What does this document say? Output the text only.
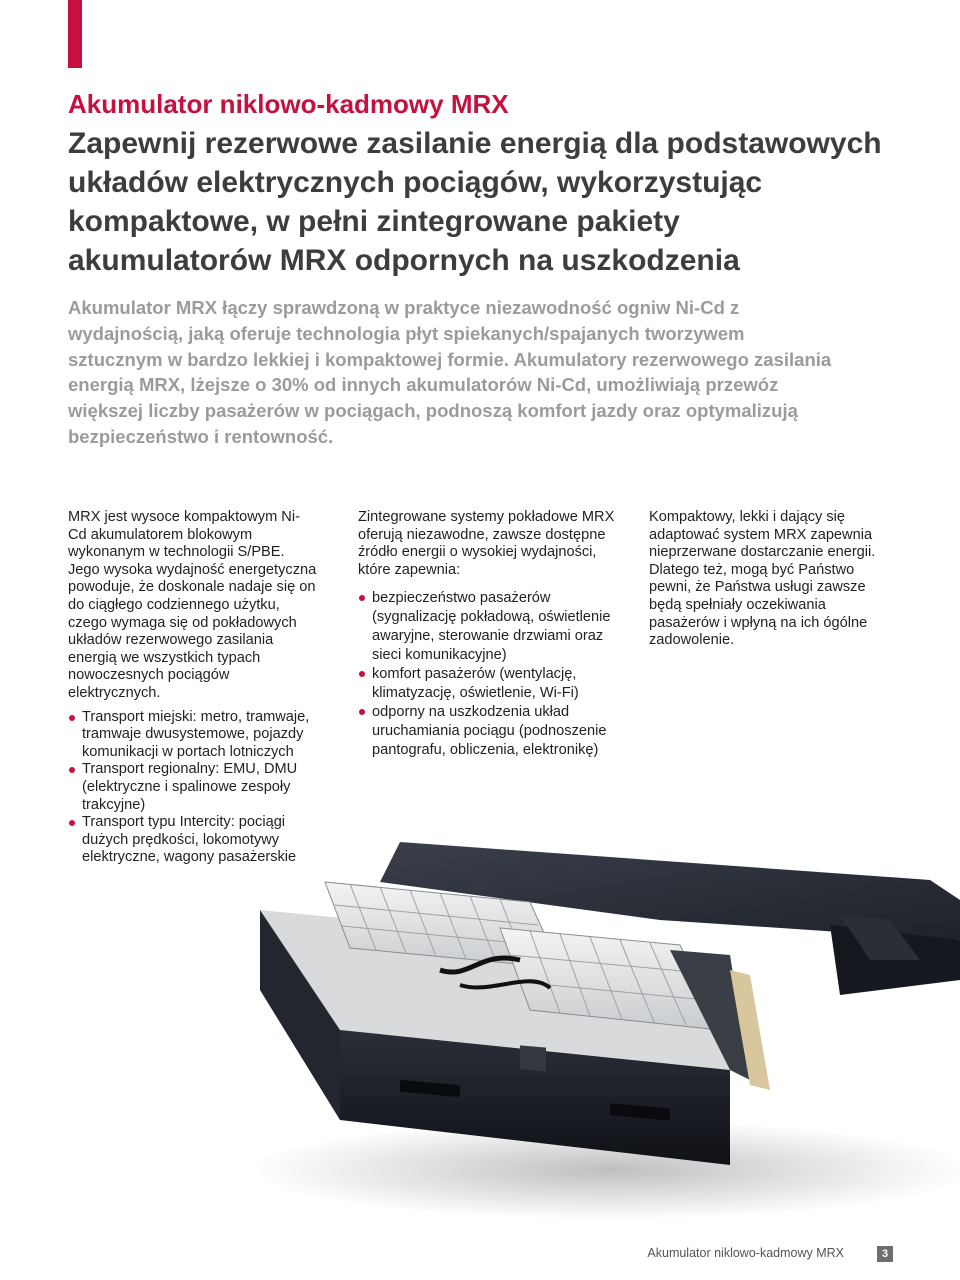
Akumulator niklowo-kadmowy MRX
Zapewnij rezerwowe zasilanie energią dla podstawowych układów elektrycznych pociągów, wykorzystując kompaktowe, w pełni zintegrowane pakiety akumulatorów MRX odpornych na uszkodzenia

Akumulator MRX łączy sprawdzoną w praktyce niezawodność ogniw Ni-Cd z wydajnością, jaką oferuje technologia płyt spiekanych/spajanych tworzywem sztucznym w bardzo lekkiej i kompaktowej formie. Akumulatory rezerwowego zasilania energią MRX, lżejsze o 30% od innych akumulatorów Ni-Cd, umożliwiają przewóz większej liczby pasażerów w pociągach, podnoszą komfort jazdy oraz optymalizują bezpieczeństwo i rentowność.

MRX jest wysoce kompaktowym Ni-Cd akumulatorem blokowym wykonanym w technologii S/PBE. Jego wysoka wydajność energetyczna powoduje, że doskonale nadaje się on do ciągłego codziennego użytku, czego wymaga się od pokładowych układów rezerwowego zasilania energią we wszystkich typach nowoczesnych pociągów elektrycznych.

Transport miejski: metro, tramwaje, tramwaje dwusystemowe, pojazdy komunikacji w portach lotniczych
Transport regionalny: EMU, DMU (elektryczne i spalinowe zespoły trakcyjne)
Transport typu Intercity: pociągi dużych prędkości, lokomotywy elektryczne, wagony pasażerskie

Zintegrowane systemy pokładowe MRX oferują niezawodne, zawsze dostępne źródło energii o wysokiej wydajności, które zapewnia:

bezpieczeństwo pasażerów (sygnalizację pokładową, oświetlenie awaryjne, sterowanie drzwiami oraz sieci komunikacyjne)
komfort pasażerów (wentylację, klimatyzację, oświetlenie, Wi-Fi)
odporny na uszkodzenia układ uruchamiania pociągu (podnoszenie pantografu, obliczenia, elektronikę)

Kompaktowy, lekki i dający się adaptować system MRX zapewnia nieprzerwane dostarczanie energii. Dlatego też, mogą być Państwo pewni, że Państwa usługi zawsze będą spełniały oczekiwania pasażerów i wpłyną na ich ógólne zadowolenie.

Akumulator niklowo-kadmowy MRX	3
